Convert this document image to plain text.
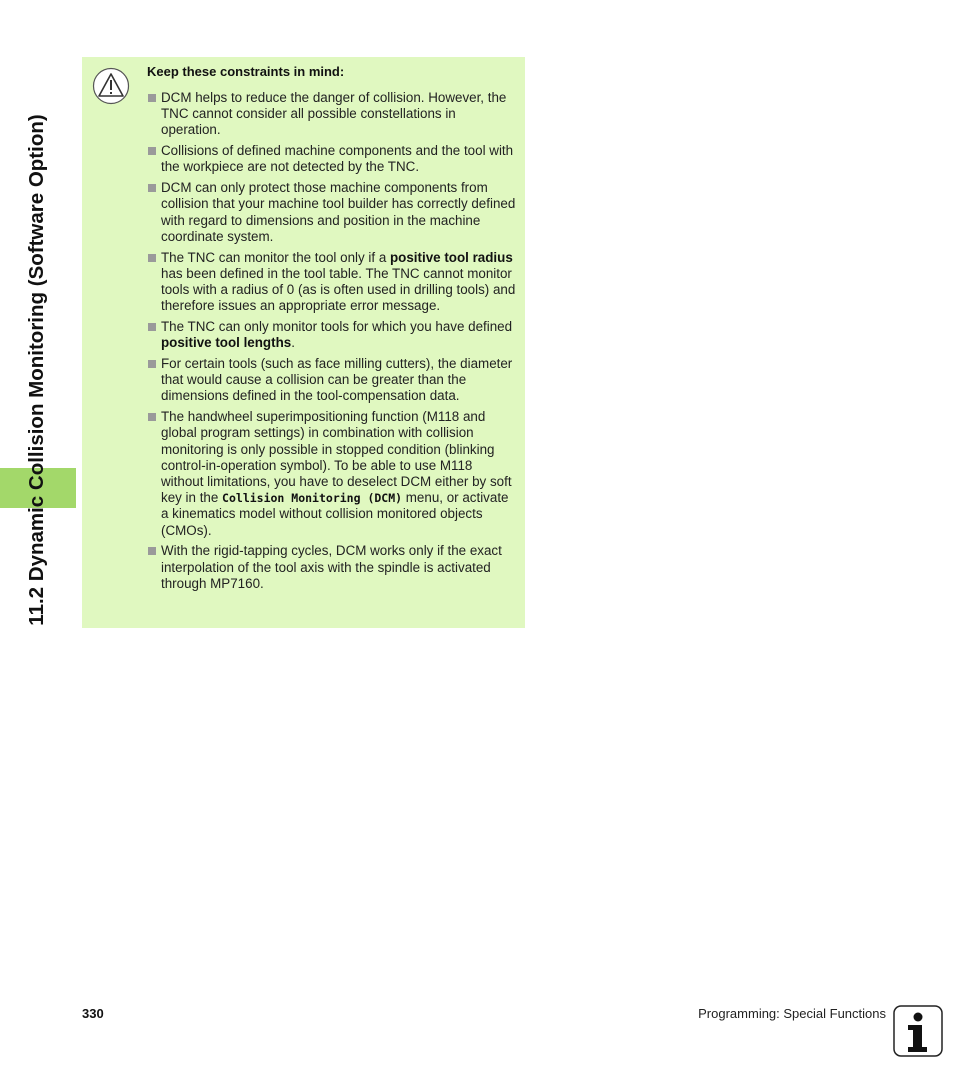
11.2 Dynamic Collision Monitoring (Software Option)
Keep these constraints in mind:
DCM helps to reduce the danger of collision. However, the TNC cannot consider all possible constellations in operation.
Collisions of defined machine components and the tool with the workpiece are not detected by the TNC.
DCM can only protect those machine components from collision that your machine tool builder has correctly defined with regard to dimensions and position in the machine coordinate system.
The TNC can monitor the tool only if a positive tool radius has been defined in the tool table. The TNC cannot monitor tools with a radius of 0 (as is often used in drilling tools) and therefore issues an appropriate error message.
The TNC can only monitor tools for which you have defined positive tool lengths.
For certain tools (such as face milling cutters), the diameter that would cause a collision can be greater than the dimensions defined in the tool-compensation data.
The handwheel superimpositioning function (M118 and global program settings) in combination with collision monitoring is only possible in stopped condition (blinking control-in-operation symbol). To be able to use M118 without limitations, you have to deselect DCM either by soft key in the Collision Monitoring (DCM) menu, or activate a kinematics model without collision monitored objects (CMOs).
With the rigid-tapping cycles, DCM works only if the exact interpolation of the tool axis with the spindle is activated through MP7160.
330	Programming: Special Functions
